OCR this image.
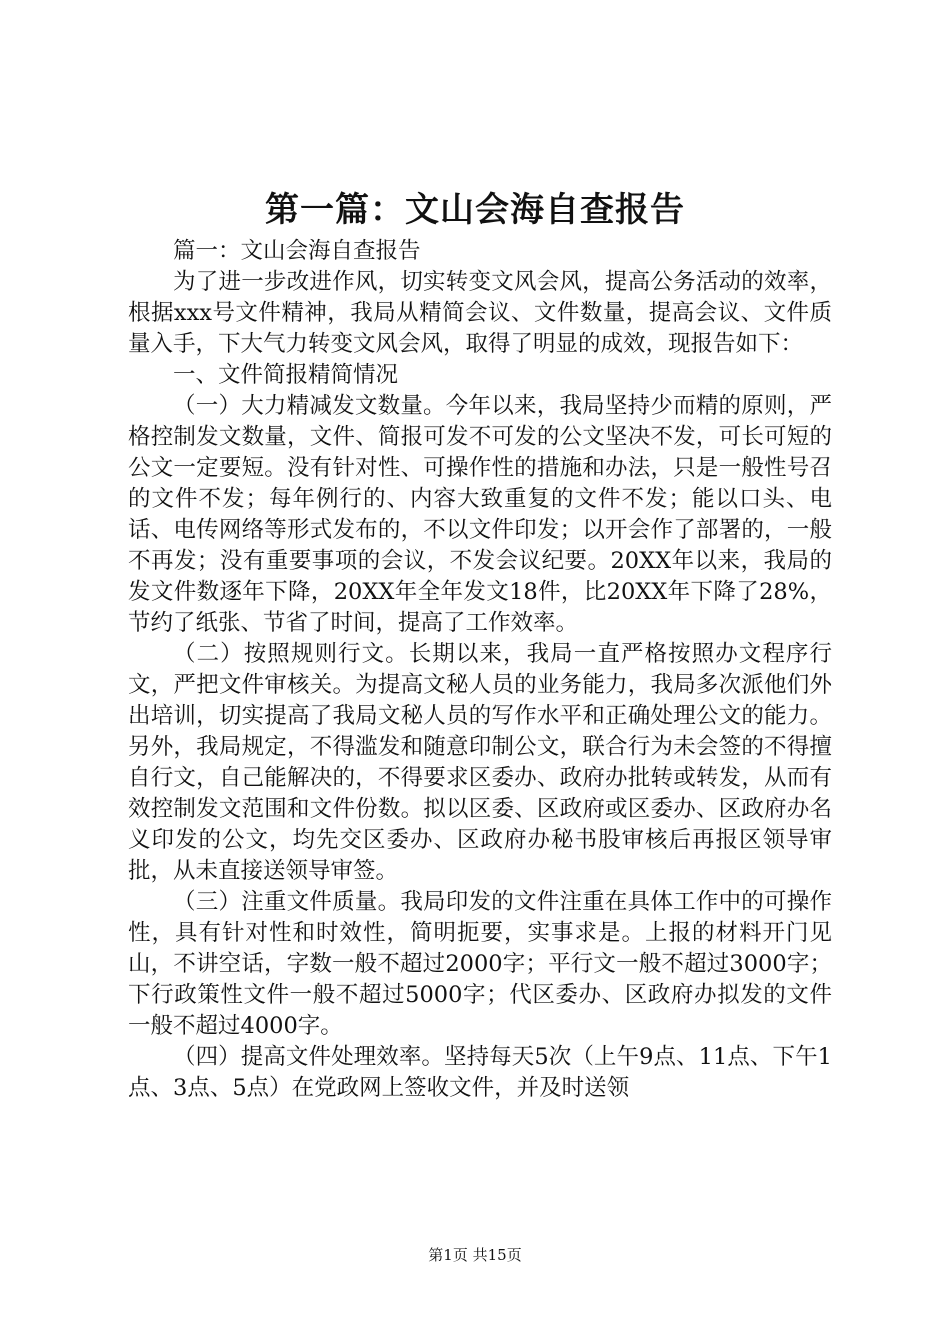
第一篇：文山会海自查报告

篇一：文山会海自查报告

为了进一步改进作风，切实转变文风会风，提高公务活动的效率，根据xxx号文件精神，我局从精简会议、文件数量，提高会议、文件质量入手，下大气力转变文风会风，取得了明显的成效，现报告如下：

一、文件简报精简情况

（一）大力精减发文数量。今年以来，我局坚持少而精的原则，严格控制发文数量，文件、简报可发不可发的公文坚决不发，可长可短的公文一定要短。没有针对性、可操作性的措施和办法，只是一般性号召的文件不发；每年例行的、内容大致重复的文件不发；能以口头、电话、电传网络等形式发布的，不以文件印发；以开会作了部署的，一般不再发；没有重要事项的会议，不发会议纪要。20XX年以来，我局的发文件数逐年下降，20XX年全年发文18件，比20XX年下降了28%，节约了纸张、节省了时间，提高了工作效率。

（二）按照规则行文。长期以来，我局一直严格按照办文程序行文，严把文件审核关。为提高文秘人员的业务能力，我局多次派他们外出培训，切实提高了我局文秘人员的写作水平和正确处理公文的能力。另外，我局规定，不得滥发和随意印制公文，联合行为未会签的不得擅自行文，自己能解决的，不得要求区委办、政府办批转或转发，从而有效控制发文范围和文件份数。拟以区委、区政府或区委办、区政府办名义印发的公文，均先交区委办、区政府办秘书股审核后再报区领导审批，从未直接送领导审签。

（三）注重文件质量。我局印发的文件注重在具体工作中的可操作性，具有针对性和时效性，简明扼要，实事求是。上报的材料开门见山，不讲空话，字数一般不超过2000字；平行文一般不超过3000字；下行政策性文件一般不超过5000字；代区委办、区政府办拟发的文件一般不超过4000字。

（四）提高文件处理效率。坚持每天5次（上午9点、11点、下午1点、3点、5点）在党政网上签收文件，并及时送领

第1页 共15页
